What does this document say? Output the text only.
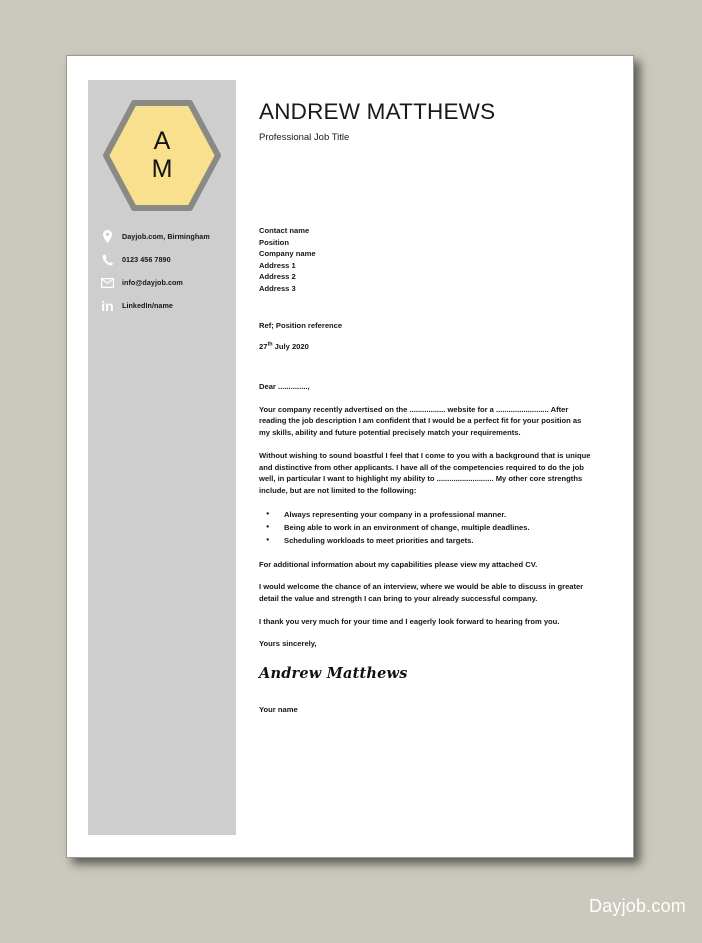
A
M
Dayjob.com, Birmingham
0123 456 7890
info@dayjob.com
in LinkedIn/name
ANDREW MATTHEWS
Professional Job Title
Contact name
Position
Company name
Address 1
Address 2
Address 3
Ref; Position reference
27th July 2020

Dear ..............,

Your company recently advertised on the ................. website for a ......................... After reading the job description I am confident that I would be a perfect fit for your position as my skills, ability and future potential precisely match your requirements.

Without wishing to sound boastful I feel that I come to you with a background that is unique and distinctive from other applicants. I have all of the competencies required to do the job well, in particular I want to highlight my ability to ........................... My other core strengths include, but are not limited to the following:

● Always representing your company in a professional manner.
● Being able to work in an environment of change, multiple deadlines.
● Scheduling workloads to meet priorities and targets.

For additional information about my capabilities please view my attached CV.

I would welcome the chance of an interview, where we would be able to discuss in greater detail the value and strength I can bring to your already successful company.

I thank you very much for your time and I eagerly look forward to hearing from you.

Yours sincerely,

Andrew Matthews
Your name
Dayjob.com
